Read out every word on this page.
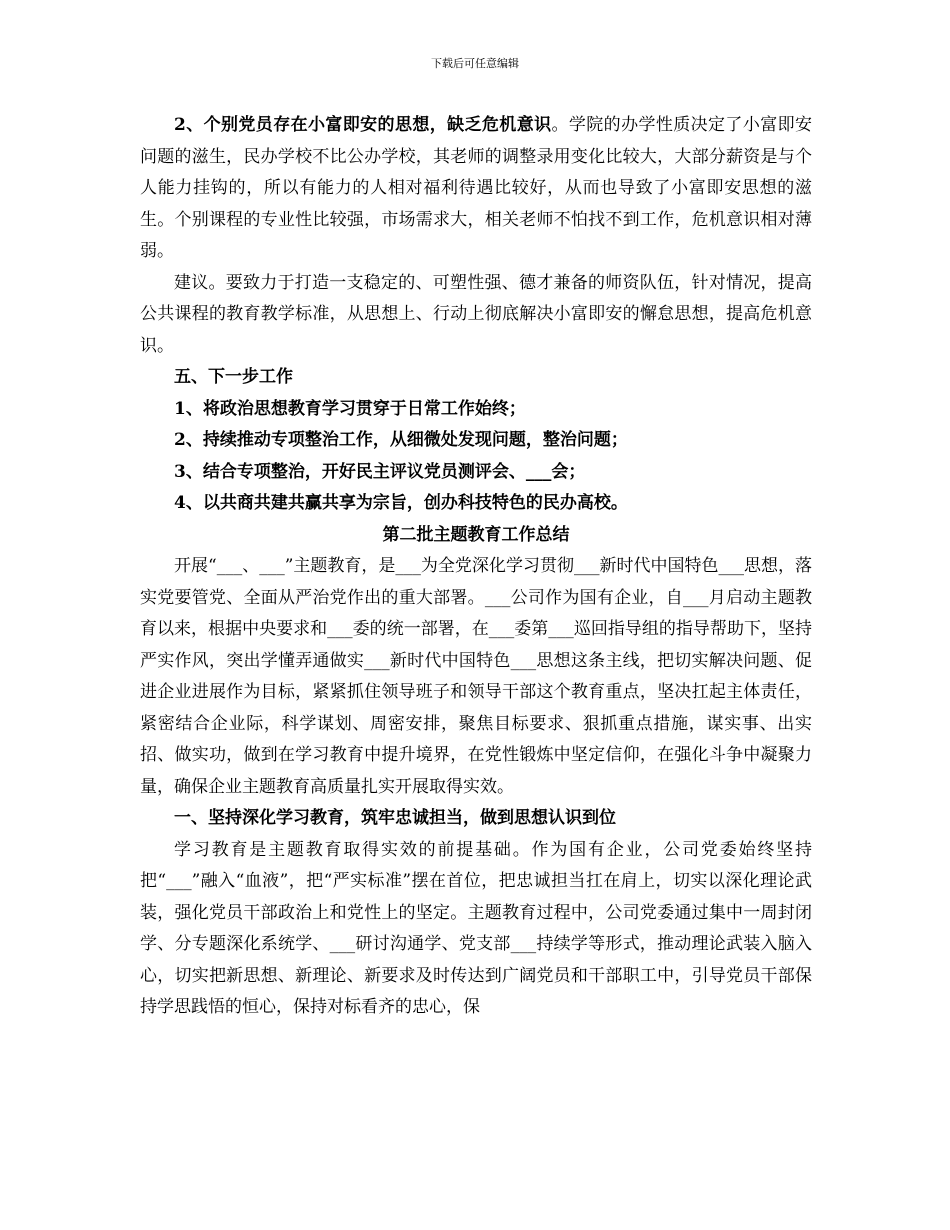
下载后可任意编辑

2、个别党员存在小富即安的思想，缺乏危机意识。学院的办学性质决定了小富即安问题的滋生，民办学校不比公办学校，其老师的调整录用变化比较大，大部分薪资是与个人能力挂钩的，所以有能力的人相对福利待遇比较好，从而也导致了小富即安思想的滋生。个别课程的专业性比较强，市场需求大，相关老师不怕找不到工作，危机意识相对薄弱。

建议。要致力于打造一支稳定的、可塑性强、德才兼备的师资队伍，针对情况，提高公共课程的教育教学标准，从思想上、行动上彻底解决小富即安的懈怠思想，提高危机意识。

五、下一步工作

1、将政治思想教育学习贯穿于日常工作始终；

2、持续推动专项整治工作，从细微处发现问题，整治问题；

3、结合专项整治，开好民主评议党员测评会、___会；

4、以共商共建共赢共享为宗旨，创办科技特色的民办高校。

第二批主题教育工作总结

开展“___、___”主题教育，是___为全党深化学习贯彻___新时代中国特色___思想，落实党要管党、全面从严治党作出的重大部署。___公司作为国有企业，自___月启动主题教育以来，根据中央要求和___委的统一部署，在___委第___巡回指导组的指导帮助下，坚持严实作风，突出学懂弄通做实___新时代中国特色___思想这条主线，把切实解决问题、促进企业进展作为目标，紧紧抓住领导班子和领导干部这个教育重点，坚决扛起主体责任，紧密结合企业际，科学谋划、周密安排，聚焦目标要求、狠抓重点措施，谋实事、出实招、做实功，做到在学习教育中提升境界，在党性锻炼中坚定信仰，在强化斗争中凝聚力量，确保企业主题教育高质量扎实开展取得实效。

一、坚持深化学习教育，筑牢忠诚担当，做到思想认识到位

学习教育是主题教育取得实效的前提基础。作为国有企业，公司党委始终坚持把“___”融入“血液”，把“严实标准”摆在首位，把忠诚担当扛在肩上，切实以深化理论武装，强化党员干部政治上和党性上的坚定。主题教育过程中，公司党委通过集中一周封闭学、分专题深化系统学、___研讨沟通学、党支部___持续学等形式，推动理论武装入脑入心，切实把新思想、新理论、新要求及时传达到广阔党员和干部职工中，引导党员干部保持学思践悟的恒心，保持对标看齐的忠心，保
